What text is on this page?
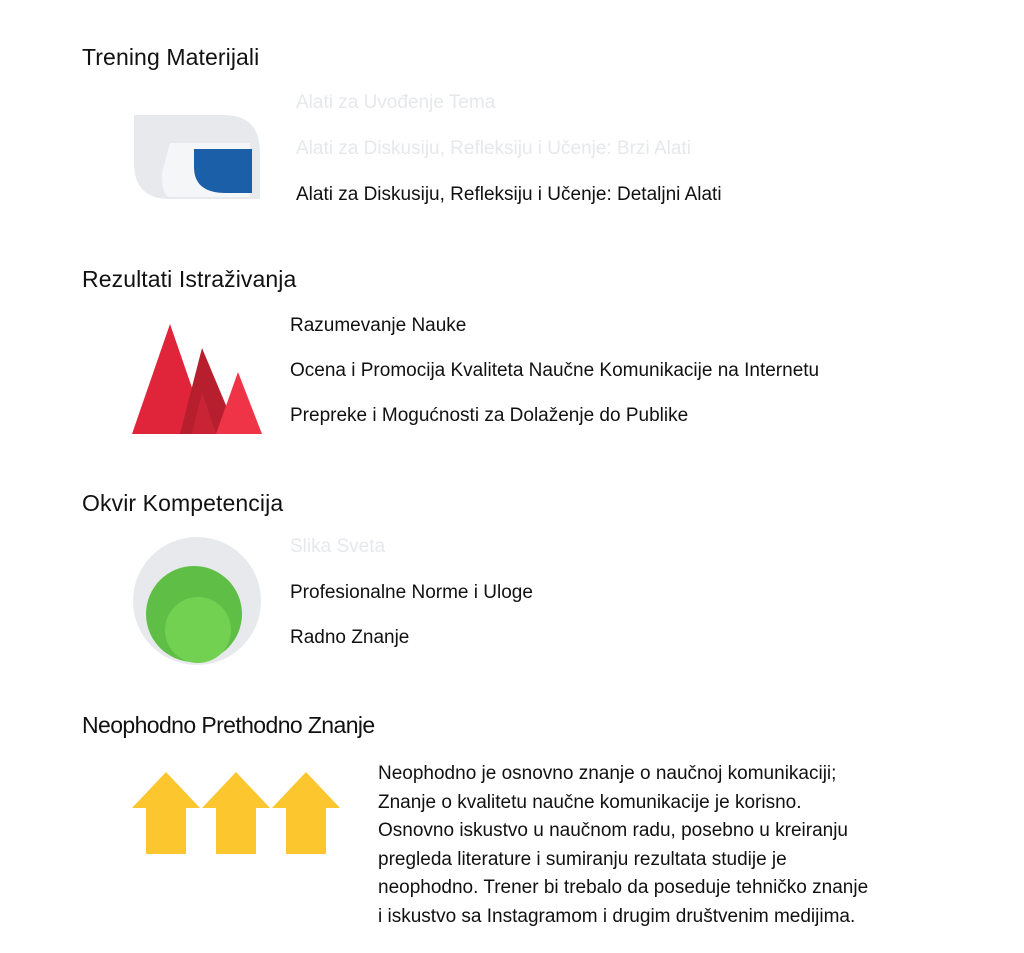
Trening Materijali
Alati za Uvođenje Tema
Alati za Diskusiju, Refleksiju i Učenje: Brzi Alati
Alati za Diskusiju, Refleksiju i Učenje: Detaljni Alati
Rezultati Istraživanja
Razumevanje Nauke
Ocena i Promocija Kvaliteta Naučne Komunikacije na Internetu
Prepreke i Mogućnosti za Dolaženje do Publike
Okvir Kompetencija
Slika Sveta
Profesionalne Norme i Uloge
Radno Znanje
Neophodno Prethodno Znanje

Neophodno je osnovno znanje o naučnoj komunikaciji;
Znanje o kvalitetu naučne komunikacije je korisno.
Osnovno iskustvo u naučnom radu, posebno u kreiranju
pregleda literature i sumiranju rezultata studije je
neophodno. Trener bi trebalo da poseduje tehničko znanje
i iskustvo sa Instagramom i drugim društvenim medijima.
